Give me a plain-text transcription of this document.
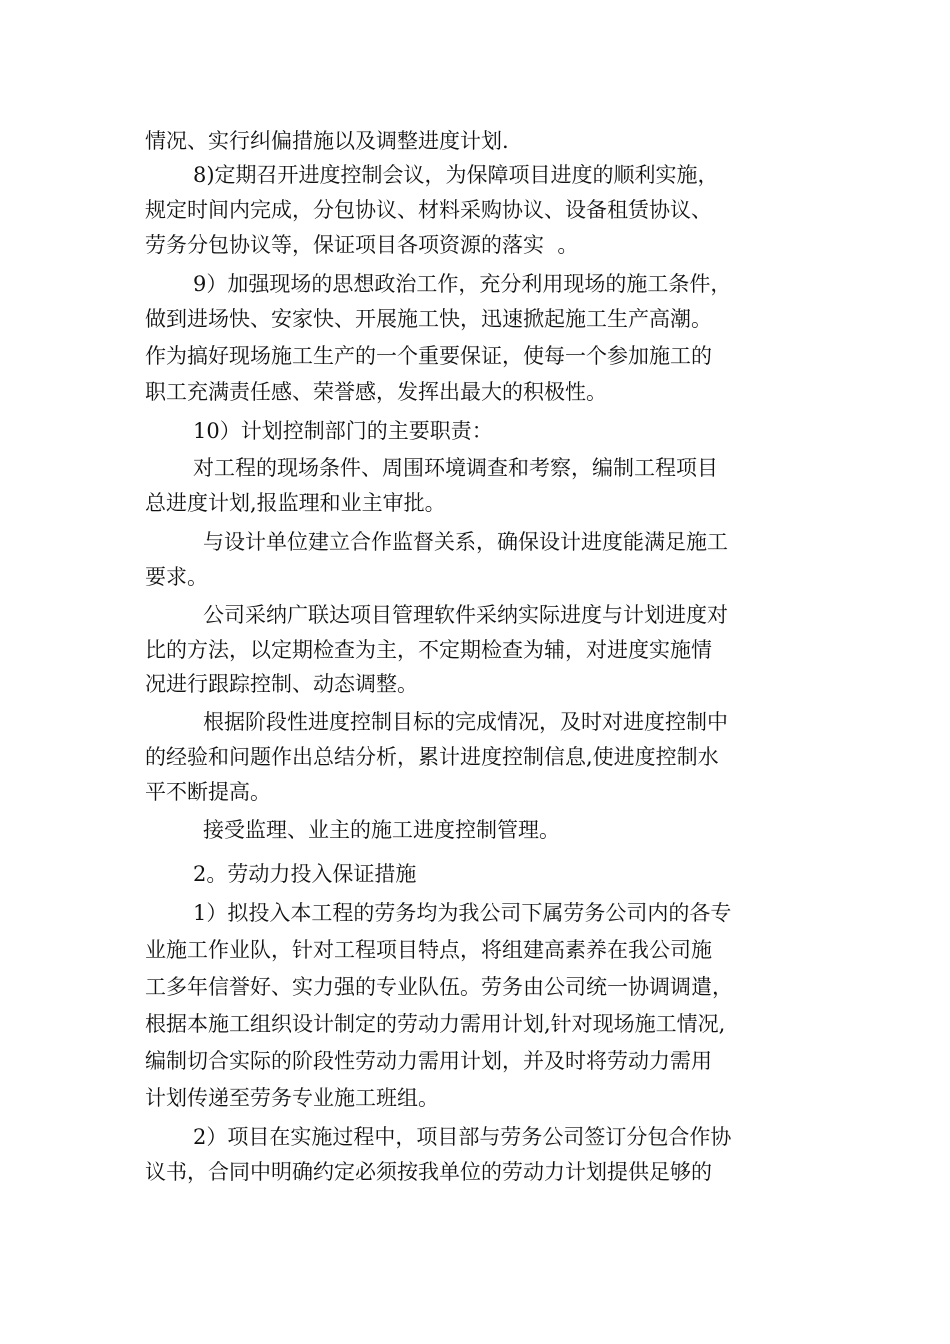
情况、实行纠偏措施以及调整进度计划.
8)定期召开进度控制会议，为保障项目进度的顺利实施，
规定时间内完成，分包协议、材料采购协议、设备租赁协议、
劳务分包协议等，保证项目各项资源的落实  。
9）加强现场的思想政治工作，充分利用现场的施工条件，
做到进场快、安家快、开展施工快，迅速掀起施工生产高潮。
作为搞好现场施工生产的一个重要保证，使每一个参加施工的
职工充满责任感、荣誉感，发挥出最大的积极性。
10）计划控制部门的主要职责：
对工程的现场条件、周围环境调查和考察，编制工程项目
总进度计划,报监理和业主审批。
与设计单位建立合作监督关系，确保设计进度能满足施工
要求。
公司采纳广联达项目管理软件采纳实际进度与计划进度对
比的方法，以定期检查为主，不定期检查为辅，对进度实施情
况进行跟踪控制、动态调整。
根据阶段性进度控制目标的完成情况，及时对进度控制中
的经验和问题作出总结分析，累计进度控制信息,使进度控制水
平不断提高。
接受监理、业主的施工进度控制管理。
2。劳动力投入保证措施
1）拟投入本工程的劳务均为我公司下属劳务公司内的各专
业施工作业队，针对工程项目特点，将组建高素养在我公司施
工多年信誉好、实力强的专业队伍。劳务由公司统一协调调遣，
根据本施工组织设计制定的劳动力需用计划,针对现场施工情况,
编制切合实际的阶段性劳动力需用计划，并及时将劳动力需用
计划传递至劳务专业施工班组。
2）项目在实施过程中，项目部与劳务公司签订分包合作协
议书，合同中明确约定必须按我单位的劳动力计划提供足够的
